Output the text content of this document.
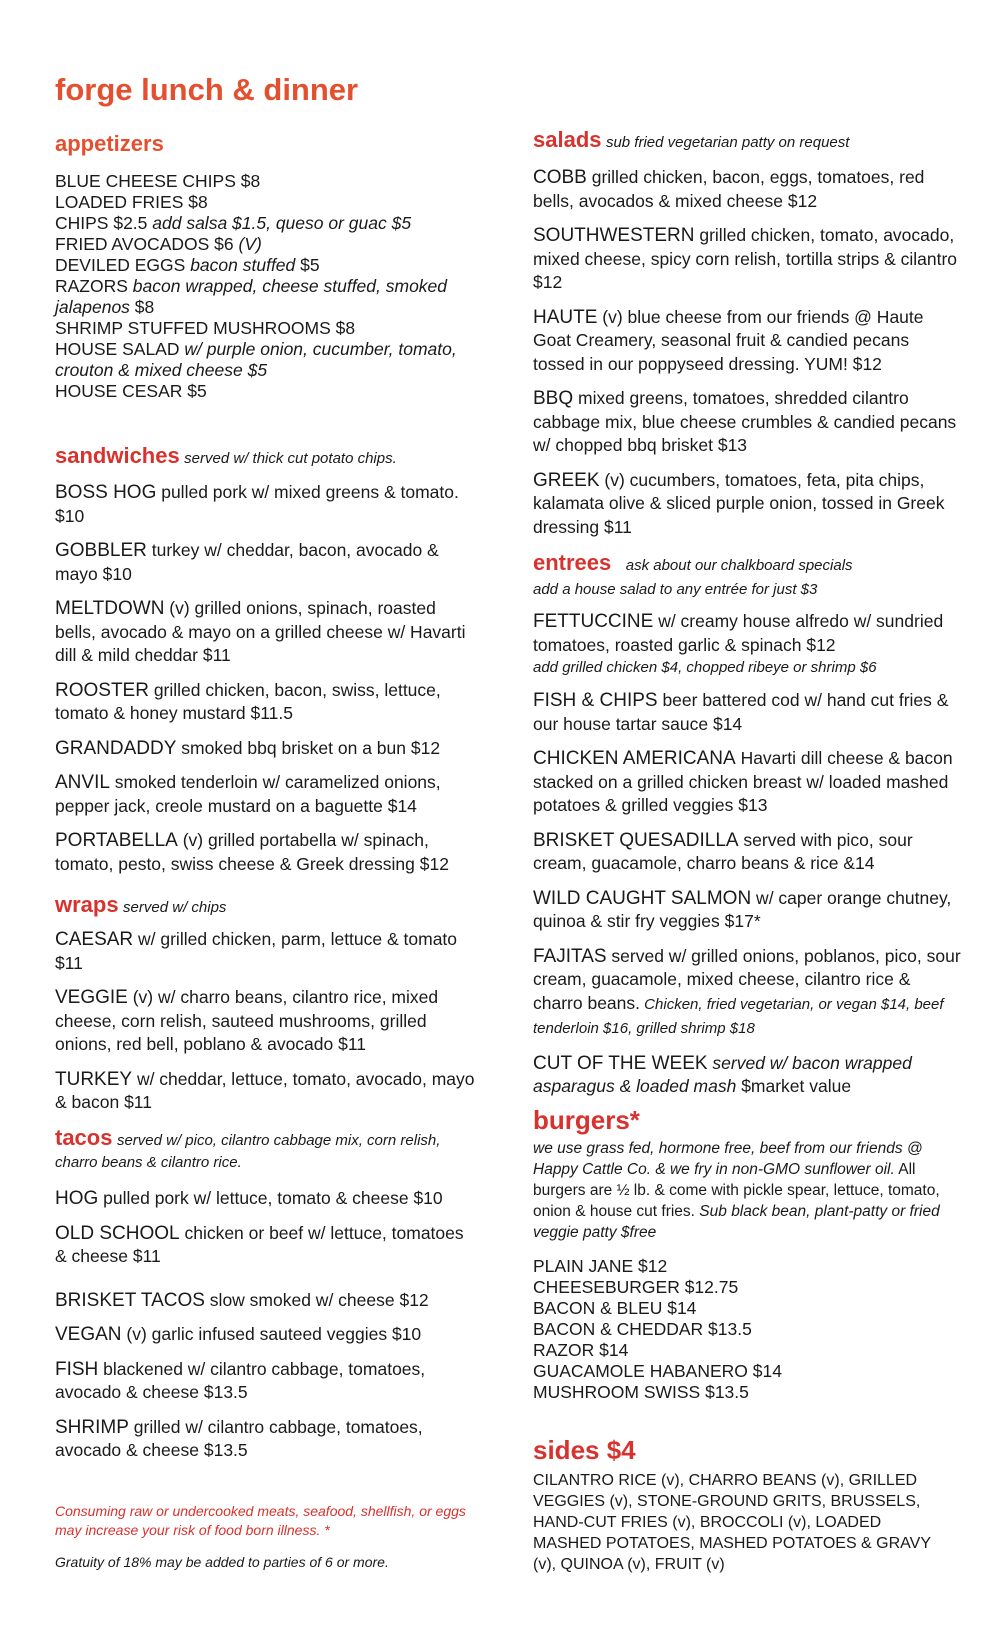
forge lunch & dinner
appetizers
BLUE CHEESE CHIPS $8
LOADED FRIES $8
CHIPS $2.5 add salsa $1.5, queso or guac $5
FRIED AVOCADOS $6 (V)
DEVILED EGGS bacon stuffed $5
RAZORS bacon wrapped, cheese stuffed, smoked jalapenos $8
SHRIMP STUFFED MUSHROOMS $8
HOUSE SALAD w/ purple onion, cucumber, tomato, crouton & mixed cheese $5
HOUSE CESAR $5
sandwiches served w/ thick cut potato chips.
BOSS HOG pulled pork w/ mixed greens & tomato. $10
GOBBLER turkey w/ cheddar, bacon, avocado & mayo $10
MELTDOWN (v) grilled onions, spinach, roasted bells, avocado & mayo on a grilled cheese w/ Havarti dill & mild cheddar $11
ROOSTER grilled chicken, bacon, swiss, lettuce, tomato & honey mustard $11.5
GRANDADDY smoked bbq brisket on a bun $12
ANVIL smoked tenderloin w/ caramelized onions, pepper jack, creole mustard on a baguette $14
PORTABELLA (v) grilled portabella w/ spinach, tomato, pesto, swiss cheese & Greek dressing $12
wraps served w/ chips
CAESAR w/ grilled chicken, parm, lettuce & tomato $11
VEGGIE (v) w/ charro beans, cilantro rice, mixed cheese, corn relish, sauteed mushrooms, grilled onions, red bell, poblano & avocado $11
TURKEY w/ cheddar, lettuce, tomato, avocado, mayo & bacon $11
tacos served w/ pico, cilantro cabbage mix, corn relish, charro beans & cilantro rice.
HOG pulled pork w/ lettuce, tomato & cheese $10
OLD SCHOOL chicken or beef w/ lettuce, tomatoes & cheese $11
BRISKET TACOS slow smoked w/ cheese $12
VEGAN (v) garlic infused sauteed veggies $10
FISH blackened w/ cilantro cabbage, tomatoes, avocado & cheese $13.5
SHRIMP grilled w/ cilantro cabbage, tomatoes, avocado & cheese $13.5
Consuming raw or undercooked meats, seafood, shellfish, or eggs may increase your risk of food born illness. *
Gratuity of 18% may be added to parties of 6 or more.
salads sub fried vegetarian patty on request
COBB grilled chicken, bacon, eggs, tomatoes, red bells, avocados & mixed cheese $12
SOUTHWESTERN grilled chicken, tomato, avocado, mixed cheese, spicy corn relish, tortilla strips & cilantro $12
HAUTE (v) blue cheese from our friends @ Haute Goat Creamery, seasonal fruit & candied pecans tossed in our poppyseed dressing. YUM! $12
BBQ mixed greens, tomatoes, shredded cilantro cabbage mix, blue cheese crumbles & candied pecans w/ chopped bbq brisket $13
GREEK (v) cucumbers, tomatoes, feta, pita chips, kalamata olive & sliced purple onion, tossed in Greek dressing $11
entrees ask about our chalkboard specials
add a house salad to any entrée for just $3
FETTUCCINE w/ creamy house alfredo w/ sundried tomatoes, roasted garlic & spinach $12
add grilled chicken $4, chopped ribeye or shrimp $6
FISH & CHIPS beer battered cod w/ hand cut fries & our house tartar sauce $14
CHICKEN AMERICANA Havarti dill cheese & bacon stacked on a grilled chicken breast w/ loaded mashed potatoes & grilled veggies $13
BRISKET QUESADILLA served with pico, sour cream, guacamole, charro beans & rice &14
WILD CAUGHT SALMON w/ caper orange chutney, quinoa & stir fry veggies $17*
FAJITAS served w/ grilled onions, poblanos, pico, sour cream, guacamole, mixed cheese, cilantro rice & charro beans. Chicken, fried vegetarian, or vegan $14, beef tenderloin $16, grilled shrimp $18
CUT OF THE WEEK served w/ bacon wrapped asparagus & loaded mash $market value
burgers*
we use grass fed, hormone free, beef from our friends @ Happy Cattle Co. & we fry in non-GMO sunflower oil. All burgers are ½ lb. & come with pickle spear, lettuce, tomato, onion & house cut fries. Sub black bean, plant-patty or fried veggie patty $free
PLAIN JANE $12
CHEESEBURGER $12.75
BACON & BLEU $14
BACON & CHEDDAR $13.5
RAZOR $14
GUACAMOLE HABANERO $14
MUSHROOM SWISS $13.5
sides $4
CILANTRO RICE (v), CHARRO BEANS (v), GRILLED VEGGIES (v), STONE-GROUND GRITS, BRUSSELS, HAND-CUT FRIES (v), BROCCOLI (v), LOADED MASHED POTATOES, MASHED POTATOES & GRAVY (v), QUINOA (v), FRUIT (v)
